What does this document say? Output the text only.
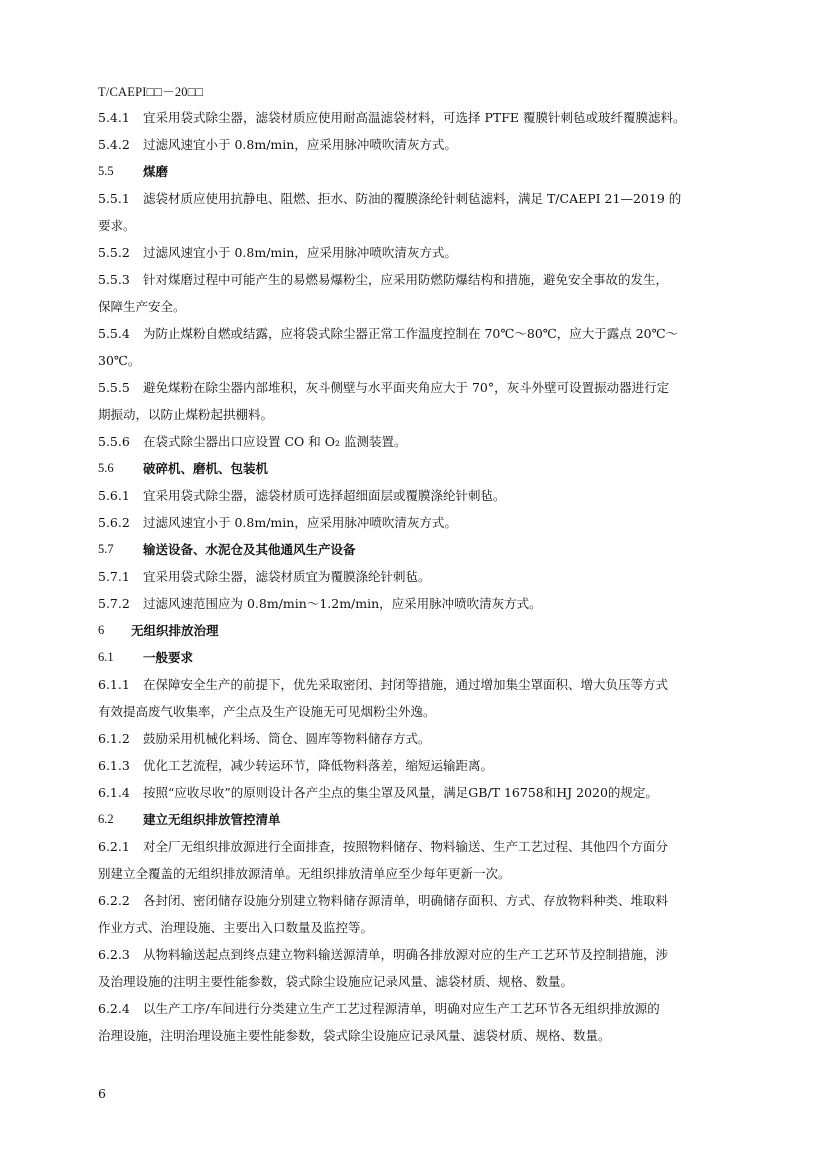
T/CAEPI□□－20□□
5.4.1	宜采用袋式除尘器，滤袋材质应使用耐高温滤袋材料，可选择 PTFE 覆膜针刺毡或玻纤覆膜滤料。
5.4.2	过滤风速宜小于 0.8m/min，应采用脉冲喷吹清灰方式。
5.5	煤磨
5.5.1	滤袋材质应使用抗静电、阻燃、拒水、防油的覆膜涤纶针刺毡滤料，满足 T/CAEPI 21—2019 的
要求。
5.5.2	过滤风速宜小于 0.8m/min，应采用脉冲喷吹清灰方式。
5.5.3	针对煤磨过程中可能产生的易燃易爆粉尘，应采用防燃防爆结构和措施，避免安全事故的发生，
保障生产安全。
5.5.4	为防止煤粉自燃或结露，应将袋式除尘器正常工作温度控制在 70℃～80℃，应大于露点 20℃～
30℃。
5.5.5	避免煤粉在除尘器内部堆积，灰斗侧壁与水平面夹角应大于 70°，灰斗外壁可设置振动器进行定
期振动，以防止煤粉起拱棚料。
5.5.6	在袋式除尘器出口应设置 CO 和 O₂ 监测装置。
5.6	破碎机、磨机、包装机
5.6.1	宜采用袋式除尘器，滤袋材质可选择超细面层或覆膜涤纶针刺毡。
5.6.2	过滤风速宜小于 0.8m/min，应采用脉冲喷吹清灰方式。
5.7	输送设备、水泥仓及其他通风生产设备
5.7.1	宜采用袋式除尘器，滤袋材质宜为覆膜涤纶针刺毡。
5.7.2	过滤风速范围应为 0.8m/min～1.2m/min，应采用脉冲喷吹清灰方式。
6	无组织排放治理
6.1	一般要求
6.1.1	在保障安全生产的前提下，优先采取密闭、封闭等措施，通过增加集尘罩面积、增大负压等方式
有效提高废气收集率，产尘点及生产设施无可见烟粉尘外逸。
6.1.2	鼓励采用机械化料场、筒仓、圆库等物料储存方式。
6.1.3	优化工艺流程，减少转运环节，降低物料落差，缩短运输距离。
6.1.4	按照“应收尽收”的原则设计各产尘点的集尘罩及风量，满足GB/T 16758和HJ 2020的规定。
6.2	建立无组织排放管控清单
6.2.1	对全厂无组织排放源进行全面排查，按照物料储存、物料输送、生产工艺过程、其他四个方面分
别建立全覆盖的无组织排放源清单。无组织排放清单应至少每年更新一次。
6.2.2	各封闭、密闭储存设施分别建立物料储存源清单，明确储存面积、方式、存放物料种类、堆取料
作业方式、治理设施、主要出入口数量及监控等。
6.2.3	从物料输送起点到终点建立物料输送源清单，明确各排放源对应的生产工艺环节及控制措施，涉
及治理设施的注明主要性能参数，袋式除尘设施应记录风量、滤袋材质、规格、数量。
6.2.4	以生产工序/车间进行分类建立生产工艺过程源清单，明确对应生产工艺环节各无组织排放源的
治理设施，注明治理设施主要性能参数，袋式除尘设施应记录风量、滤袋材质、规格、数量。
6
